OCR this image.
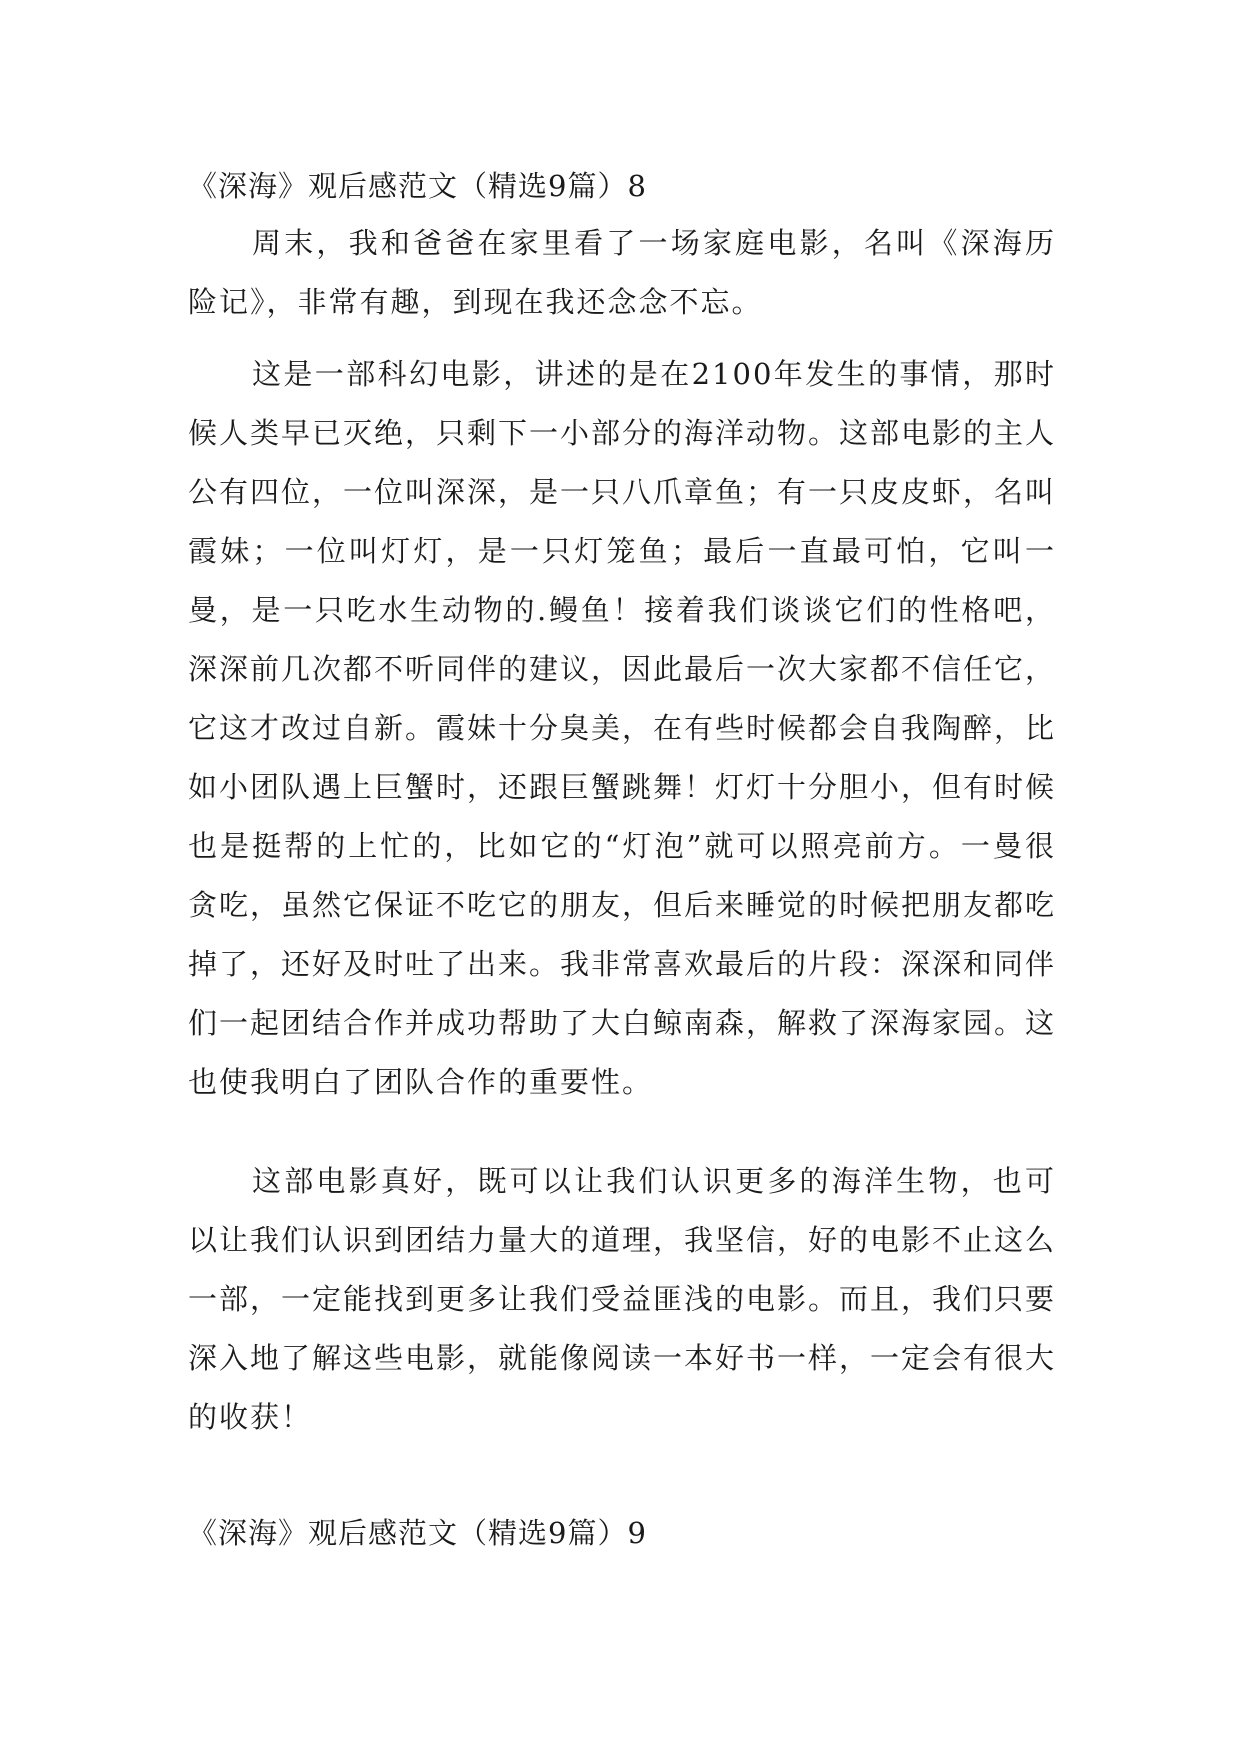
《深海》观后感范文（精选9篇）8

周末，我和爸爸在家里看了一场家庭电影，名叫《深海历险记》，非常有趣，到现在我还念念不忘。

这是一部科幻电影，讲述的是在2100年发生的事情，那时候人类早已灭绝，只剩下一小部分的海洋动物。这部电影的主人公有四位，一位叫深深，是一只八爪章鱼；有一只皮皮虾，名叫霞妹；一位叫灯灯，是一只灯笼鱼；最后一直最可怕，它叫一曼，是一只吃水生动物的.鳗鱼！接着我们谈谈它们的性格吧，深深前几次都不听同伴的建议，因此最后一次大家都不信任它，它这才改过自新。霞妹十分臭美，在有些时候都会自我陶醉，比如小团队遇上巨蟹时，还跟巨蟹跳舞！灯灯十分胆小，但有时候也是挺帮的上忙的，比如它的“灯泡”就可以照亮前方。一曼很贪吃，虽然它保证不吃它的朋友，但后来睡觉的时候把朋友都吃掉了，还好及时吐了出来。我非常喜欢最后的片段：深深和同伴们一起团结合作并成功帮助了大白鲸南森，解救了深海家园。这也使我明白了团队合作的重要性。

这部电影真好，既可以让我们认识更多的海洋生物，也可以让我们认识到团结力量大的道理，我坚信，好的电影不止这么一部，一定能找到更多让我们受益匪浅的电影。而且，我们只要深入地了解这些电影，就能像阅读一本好书一样，一定会有很大的收获！

《深海》观后感范文（精选9篇）9
